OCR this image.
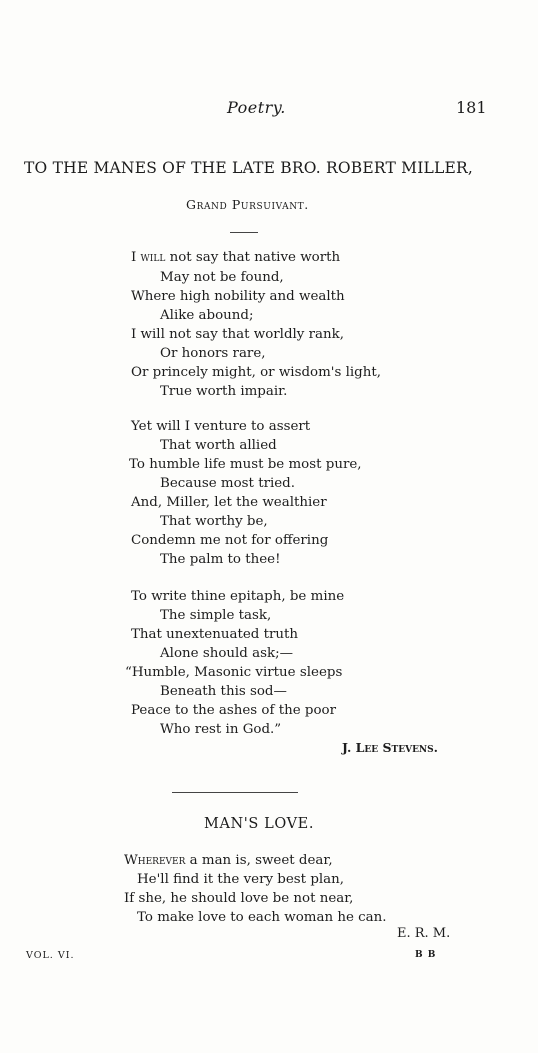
Poetry.	181
TO THE MANES OF THE LATE BRO. ROBERT MILLER,
Grand Pursuivant.
I will not say that native worth
May not be found,
Where high nobility and wealth
Alike abound;
I will not say that worldly rank,
Or honors rare,
Or princely might, or wisdom's light,
True worth impair.
Yet will I venture to assert
That worth allied
To humble life must be most pure,
Because most tried.
And, Miller, let the wealthier
That worthy be,
Condemn me not for offering
The palm to thee!
To write thine epitaph, be mine
The simple task,
That unextenuated truth
Alone should ask;—
“Humble, Masonic virtue sleeps
Beneath this sod—
Peace to the ashes of the poor
Who rest in God.”
J. Lee Stevens.
MAN'S LOVE.
Wherever a man is, sweet dear,
He'll find it the very best plan,
If she, he should love be not near,
To make love to each woman he can.
E. R. M.
VOL. VI.	B B
